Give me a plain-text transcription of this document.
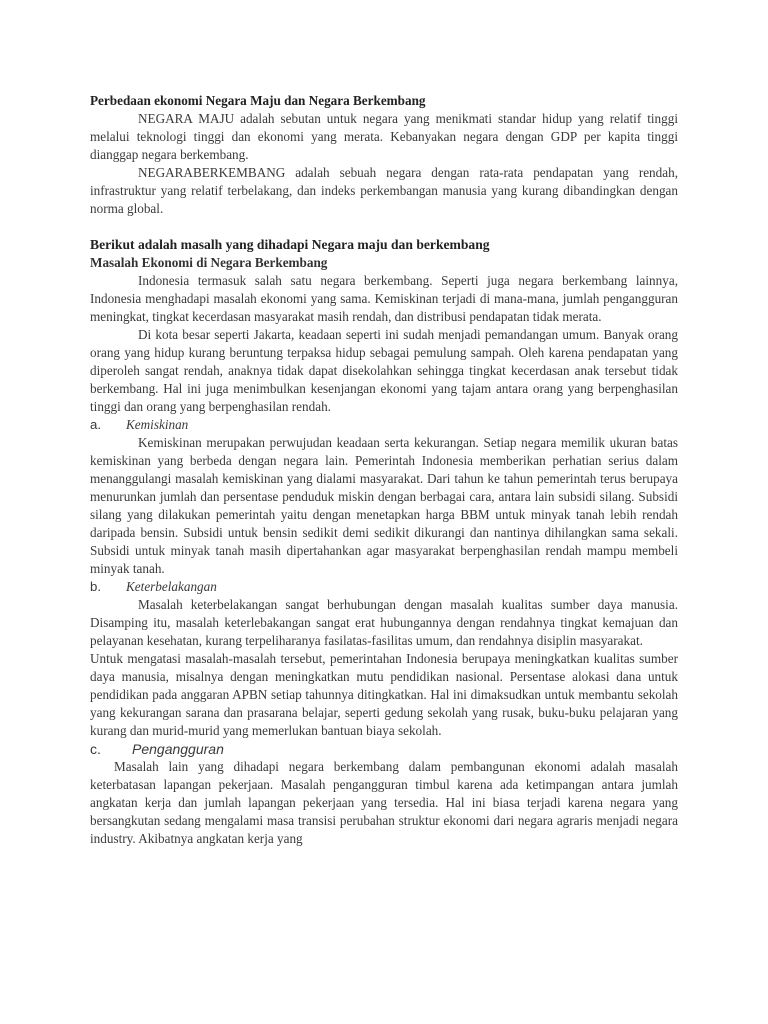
Perbedaan ekonomi Negara Maju dan Negara Berkembang

NEGARA MAJU adalah sebutan untuk negara yang menikmati standar hidup yang relatif tinggi melalui teknologi tinggi dan ekonomi yang merata. Kebanyakan negara dengan GDP per kapita tinggi dianggap negara berkembang.

NEGARABERKEMBANG adalah sebuah negara dengan rata-rata pendapatan yang rendah, infrastruktur yang relatif terbelakang, dan indeks perkembangan manusia yang kurang dibandingkan dengan norma global.

Berikut adalah masalh yang dihadapi Negara maju dan berkembang
Masalah Ekonomi di Negara Berkembang

Indonesia termasuk salah satu negara berkembang. Seperti juga negara berkembang lainnya, Indonesia menghadapi masalah ekonomi yang sama. Kemiskinan terjadi di mana-mana, jumlah pengangguran meningkat, tingkat kecerdasan masyarakat masih rendah, dan distribusi pendapatan tidak merata.

Di kota besar seperti Jakarta, keadaan seperti ini sudah menjadi pemandangan umum. Banyak orang orang yang hidup kurang beruntung terpaksa hidup sebagai pemulung sampah. Oleh karena pendapatan yang diperoleh sangat rendah, anaknya tidak dapat disekolahkan sehingga tingkat kecerdasan anak tersebut tidak berkembang. Hal ini juga menimbulkan kesenjangan ekonomi yang tajam antara orang yang berpenghasilan tinggi dan orang yang berpenghasilan rendah.

a.	Kemiskinan

Kemiskinan merupakan perwujudan keadaan serta kekurangan. Setiap negara memilik ukuran batas kemiskinan yang berbeda dengan negara lain. Pemerintah Indonesia memberikan perhatian serius dalam menanggulangi masalah kemiskinan yang dialami masyarakat. Dari tahun ke tahun pemerintah terus berupaya menurunkan jumlah dan persentase penduduk miskin dengan berbagai cara, antara lain subsidi silang. Subsidi silang yang dilakukan pemerintah yaitu dengan menetapkan harga BBM untuk minyak tanah lebih rendah daripada bensin. Subsidi untuk bensin sedikit demi sedikit dikurangi dan nantinya dihilangkan sama sekali. Subsidi untuk minyak tanah masih dipertahankan agar masyarakat berpenghasilan rendah mampu membeli minyak tanah.

b.	Keterbelakangan

Masalah keterbelakangan sangat berhubungan dengan masalah kualitas sumber daya manusia. Disamping itu, masalah keterlebakangan sangat erat hubungannya dengan rendahnya tingkat kemajuan dan pelayanan kesehatan, kurang terpeliharanya fasilatas-fasilitas umum, dan rendahnya disiplin masyarakat.

Untuk mengatasi masalah-masalah tersebut, pemerintahan Indonesia berupaya meningkatkan kualitas sumber daya manusia, misalnya dengan meningkatkan mutu pendidikan nasional. Persentase alokasi dana untuk pendidikan pada anggaran APBN setiap tahunnya ditingkatkan. Hal ini dimaksudkan untuk membantu sekolah yang kekurangan sarana dan prasarana belajar, seperti gedung sekolah yang rusak, buku-buku pelajaran yang kurang dan murid-murid yang memerlukan bantuan biaya sekolah.

c.	Pengangguran

Masalah lain yang dihadapi negara berkembang dalam pembangunan ekonomi adalah masalah keterbatasan lapangan pekerjaan. Masalah pengangguran timbul karena ada ketimpangan antara jumlah angkatan kerja dan jumlah lapangan pekerjaan yang tersedia. Hal ini biasa terjadi karena negara yang bersangkutan sedang mengalami masa transisi perubahan struktur ekonomi dari negara agraris menjadi negara industry. Akibatnya angkatan kerja yang
